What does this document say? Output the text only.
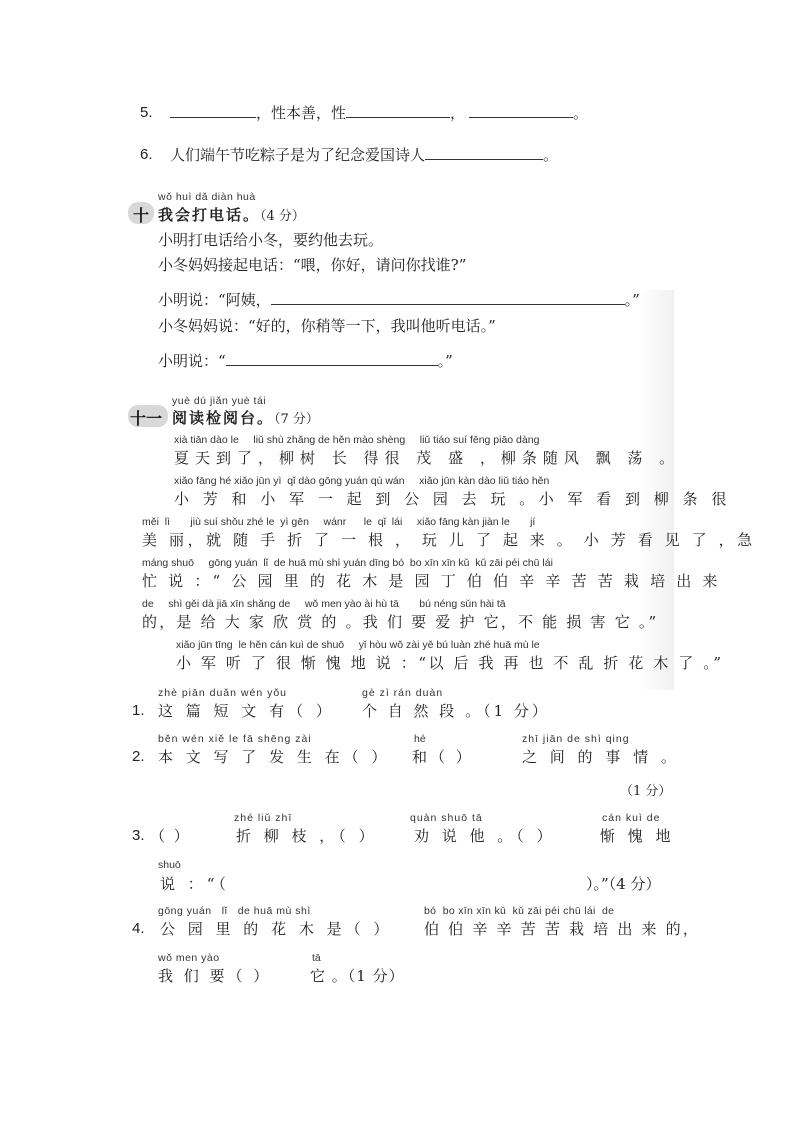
5.	，性本善，性	，	。
6. 人们端午节吃粽子是为了纪念爱国诗人	。
十
wǒ huì dǎ diàn huà
我会打电话。（4 分）
小明打电话给小冬，要约他去玩。
小冬妈妈接起电话：“喂，你好，请问你找谁?”
小明说：“阿姨，	。”
小冬妈妈说：“好的，你稍等一下，我叫他听电话。”
小明说：“	。”
十一
yuè dú jiǎn yuè tái
阅读检阅台。（7 分）
xià tiān dào le     liǔ shù zhǎng de hěn mào shèng     liǔ tiáo suí fēng piāo dàng
夏天到了，柳树 长 得很 茂 盛 ，柳条随风 飘 荡 。
xiǎo fāng hé xiǎo jūn yì  qǐ dào gōng yuán qù wán     xiǎo jūn kàn dào liǔ tiáo hěn
小 芳 和 小 军 一 起 到 公 园 去 玩 。小 军 看 到 柳 条 很
měi  lì       jiù suí shǒu zhé le  yì gēn     wánr      le  qǐ  lái     xiǎo fāng kàn jiàn le       jí
美 丽，就 随 手 折 了 一 根 ， 玩 儿 了 起 来 。 小 芳 看 见 了 ，急
máng shuō     gōng yuán  lǐ  de huā mù shì yuán dīng bó  bo xīn xīn kǔ  kǔ zāi péi chū lái
忙 说 ：“ 公 园 里 的 花 木 是 园 丁 伯 伯 辛 辛 苦 苦 栽 培 出 来
de     shì gěi dà jiā xīn shǎng de     wǒ men yào ài hù tā       bú néng sǔn hài tā
的，是 给 大 家 欣 赏 的 。我 们 要 爱 护 它，不 能 损 害 它 。”
xiǎo jūn tīng  le hěn cán kuì de shuō     yǐ hòu wǒ zài yě bú luàn zhé huā mù le
小 军 听 了 很 惭 愧 地 说 ：“以 后 我 再 也 不 乱 折 花 木 了 。”
1.
zhè piān duǎn wén yǒu
这 篇 短 文 有（ ）
gè zì rán duàn
个 自 然 段 。（1 分）
2.
běn wén xiě le fā shēng zài
本 文 写 了 发 生 在（ ）
hé
和（ ）
zhī jiān de shì qing
之 间 的 事 情 。
（1 分）
3. （ ）
zhé liǔ zhī
折 柳 枝 ，（ ）
quàn shuō tā
劝 说 他 。（ ）
cán kuì de
惭 愧 地
shuō
说 ：“（	）。”（4 分）
4.
gōng yuán   lǐ   de huā mù shì
公 园 里 的 花 木 是（ ）
bó  bo xīn xīn kǔ  kǔ zāi péi chū lái  de
伯 伯 辛 辛 苦 苦 栽 培 出 来 的，
wǒ men yào
我 们 要（ ）
tā
它 。（1 分）
